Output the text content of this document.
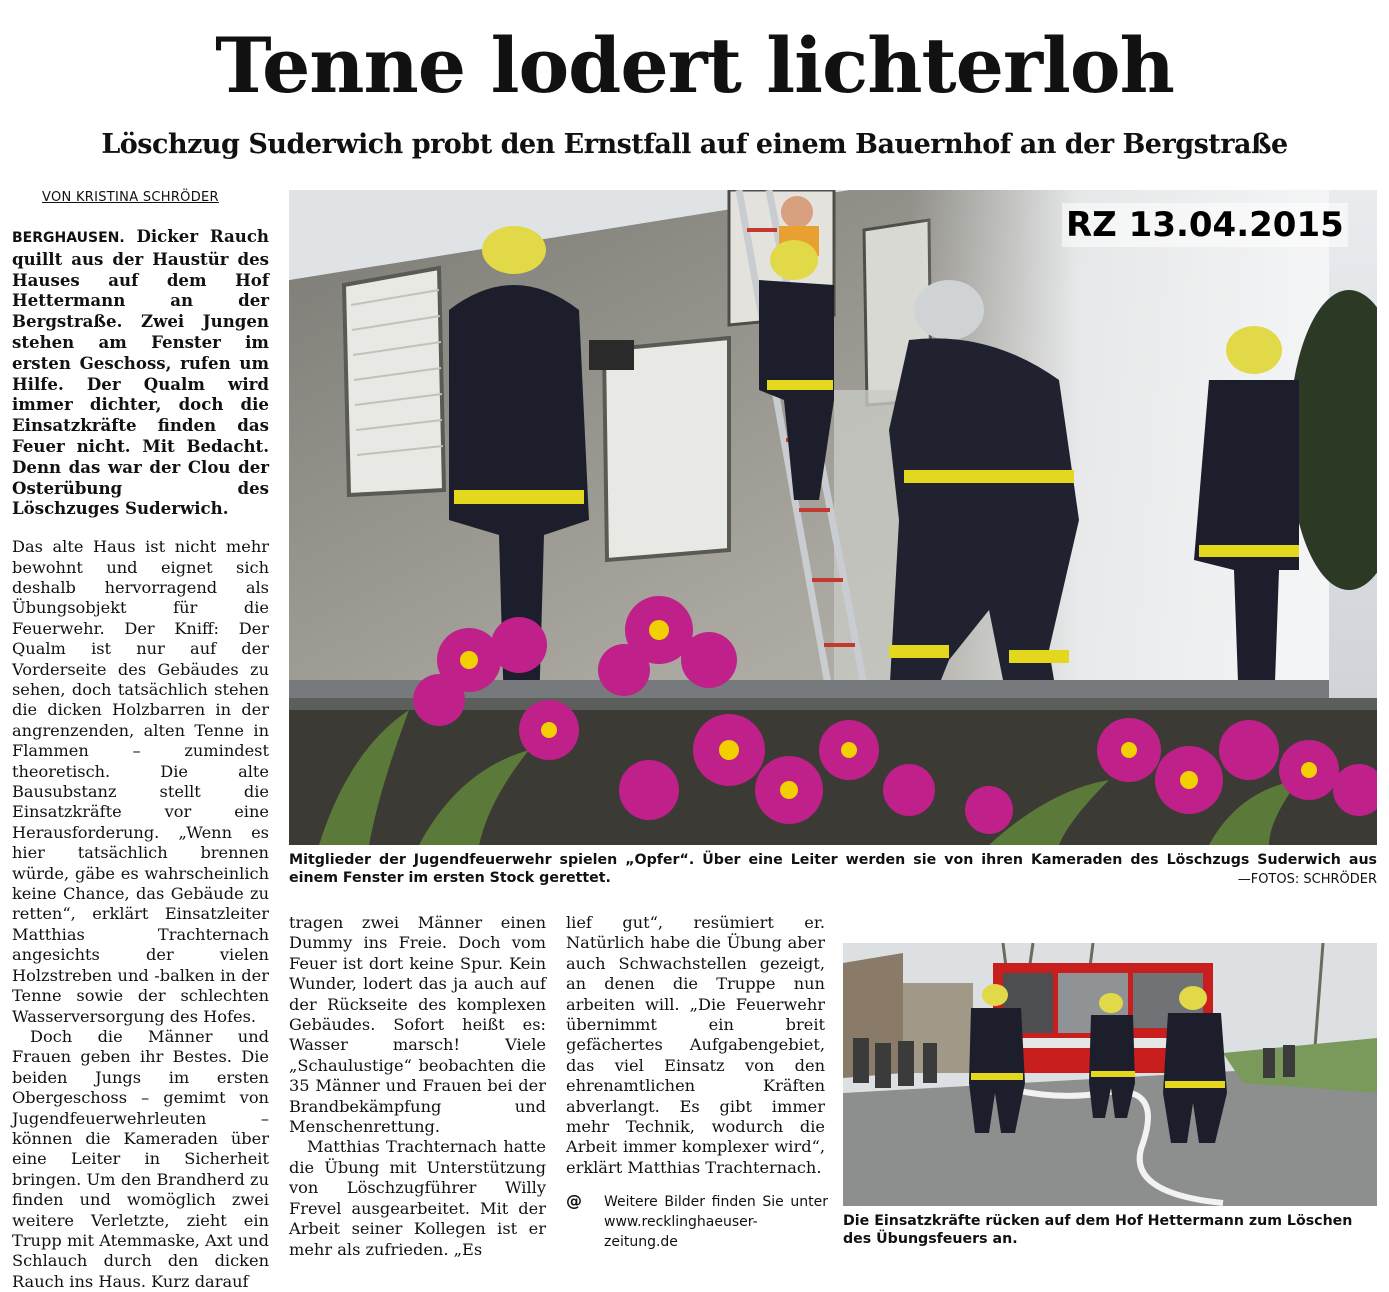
Tenne lodert lichterloh
Löschzug Suderwich probt den Ernstfall auf einem Bauernhof an der Bergstraße
VON KRISTINA SCHRÖDER

BERGHAUSEN. Dicker Rauch quillt aus der Haustür des Hauses auf dem Hof Hettermann an der Bergstraße. Zwei Jungen stehen am Fenster im ersten Geschoss, rufen um Hilfe. Der Qualm wird immer dichter, doch die Einsatzkräfte finden das Feuer nicht. Mit Bedacht. Denn das war der Clou der Osterübung des Löschzuges Suderwich.

Das alte Haus ist nicht mehr bewohnt und eignet sich deshalb hervorragend als Übungsobjekt für die Feuerwehr. Der Kniff: Der Qualm ist nur auf der Vorderseite des Gebäudes zu sehen, doch tatsächlich stehen die dicken Holzbarren in der angrenzenden, alten Tenne in Flammen – zumindest theoretisch. Die alte Bausubstanz stellt die Einsatzkräfte vor eine Herausforderung. „Wenn es hier tatsächlich brennen würde, gäbe es wahrscheinlich keine Chance, das Gebäude zu retten“, erklärt Einsatzleiter Matthias Trachternach angesichts der vielen Holzstreben und -balken in der Tenne sowie der schlechten Wasserversorgung des Hofes.

Doch die Männer und Frauen geben ihr Bestes. Die beiden Jungs im ersten Obergeschoss – gemimt von Jugendfeuerwehrleuten – können die Kameraden über eine Leiter in Sicherheit bringen. Um den Brandherd zu finden und womöglich zwei weitere Verletzte, zieht ein Trupp mit Atemmaske, Axt und Schlauch durch den dicken Rauch ins Haus. Kurz darauf

RZ 13.04.2015

Mitglieder der Jugendfeuerwehr spielen „Opfer“. Über eine Leiter werden sie von ihren Kameraden des Löschzugs Suderwich aus einem Fenster im ersten Stock gerettet.	—FOTOS: SCHRÖDER

tragen zwei Männer einen Dummy ins Freie. Doch vom Feuer ist dort keine Spur. Kein Wunder, lodert das ja auch auf der Rückseite des komplexen Gebäudes. Sofort heißt es: Wasser marsch! Viele „Schaulustige“ beobachten die 35 Männer und Frauen bei der Brandbekämpfung und Menschenrettung.

Matthias Trachternach hatte die Übung mit Unterstützung von Löschzugführer Willy Frevel ausgearbeitet. Mit der Arbeit seiner Kollegen ist er mehr als zufrieden. „Es

lief gut“, resümiert er. Natürlich habe die Übung aber auch Schwachstellen gezeigt, an denen die Truppe nun arbeiten will. „Die Feuerwehr übernimmt ein breit gefächertes Aufgabengebiet, das viel Einsatz von den ehrenamtlichen Kräften abverlangt. Es gibt immer mehr Technik, wodurch die Arbeit immer komplexer wird“, erklärt Matthias Trachternach.

@ Weitere Bilder finden Sie unter www.recklinghaeuser-zeitung.de

Die Einsatzkräfte rücken auf dem Hof Hettermann zum Löschen des Übungsfeuers an.
